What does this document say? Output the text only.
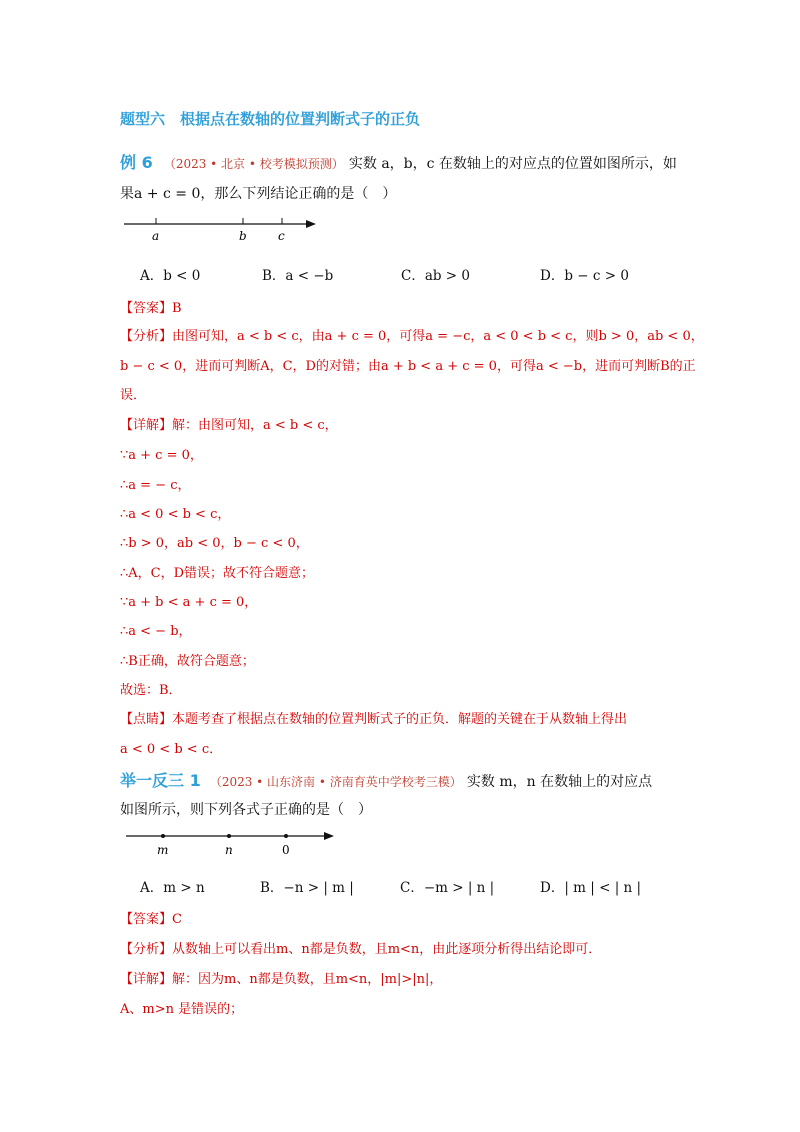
题型六　根据点在数轴的位置判断式子的正负
例 6 （2023 • 北京 • 校考模拟预测） 实数 a，b，c 在数轴上的对应点的位置如图所示，如
果a + c = 0，那么下列结论正确的是（　）
a	b	c
A．b < 0	B．a < −b	C．ab > 0	D．b − c > 0
【答案】B
【分析】由图可知，a < b < c，由a + c = 0，可得a = −c，a < 0 < b < c，则b > 0，ab < 0，
b − c < 0，进而可判断A，C，D的对错；由a + b < a + c = 0，可得a < −b，进而可判断B的正
误．
【详解】解：由图可知，a < b < c，
∵a + c = 0，
∴a = − c，
∴a < 0 < b < c，
∴b > 0，ab < 0，b − c < 0，
∴A，C，D错误；故不符合题意；
∵a + b < a + c = 0，
∴a < − b，
∴B正确，故符合题意；
故选：B．
【点睛】本题考查了根据点在数轴的位置判断式子的正负．解题的关键在于从数轴上得出
a < 0 < b < c．
举一反三 1 （2023 • 山东济南 • 济南育英中学校考三模） 实数 m，n 在数轴上的对应点
如图所示，则下列各式子正确的是（　）
m	n	0
A．m > n	B．−n > | m |	C．−m > | n |	D．| m | < | n |
【答案】C
【分析】从数轴上可以看出m、n都是负数，且m<n，由此逐项分析得出结论即可．
【详解】解：因为m、n都是负数，且m<n，|m|>|n|，
A、m>n 是错误的；
